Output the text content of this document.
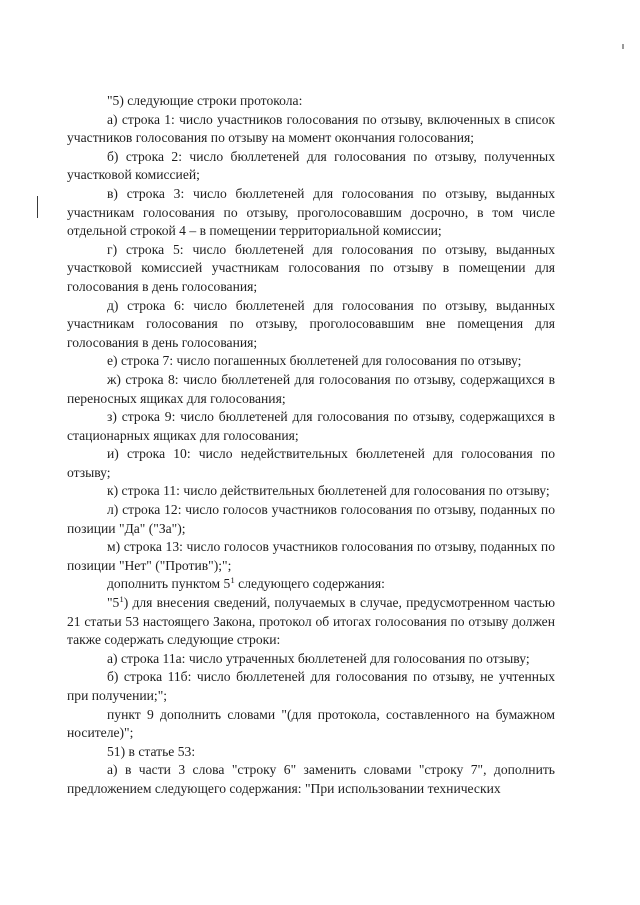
"5) следующие строки протокола:

а) строка 1: число участников голосования по отзыву, включенных в список участников голосования по отзыву на момент окончания голосования;

б) строка 2: число бюллетеней для голосования по отзыву, полученных участковой комиссией;

в) строка 3: число бюллетеней для голосования по отзыву, выданных участникам голосования по отзыву, проголосовавшим досрочно, в том числе отдельной строкой 4 – в помещении территориальной комиссии;

г) строка 5: число бюллетеней для голосования по отзыву, выданных участковой комиссией участникам голосования по отзыву в помещении для голосования в день голосования;

д) строка 6: число бюллетеней для голосования по отзыву, выданных участникам голосования по отзыву, проголосовавшим вне помещения для голосования в день голосования;

е) строка 7: число погашенных бюллетеней для голосования по отзыву;

ж) строка 8: число бюллетеней для голосования по отзыву, содержащихся в переносных ящиках для голосования;

з) строка 9: число бюллетеней для голосования по отзыву, содержащихся в стационарных ящиках для голосования;

и) строка 10: число недействительных бюллетеней для голосования по отзыву;

к) строка 11: число действительных бюллетеней для голосования по отзыву;

л) строка 12: число голосов участников голосования по отзыву, поданных по позиции "Да" ("За");

м) строка 13: число голосов участников голосования по отзыву, поданных по позиции "Нет" ("Против");";

дополнить пунктом $5^1$ следующего содержания:

"$5^1$) для внесения сведений, получаемых в случае, предусмотренном частью 21 статьи 53 настоящего Закона, протокол об итогах голосования по отзыву должен также содержать следующие строки:

а) строка 11а: число утраченных бюллетеней для голосования по отзыву;

б) строка 11б: число бюллетеней для голосования по отзыву, не учтенных при получении;";

пункт 9 дополнить словами "(для протокола, составленного на бумажном носителе)";

51) в статье 53:

а) в части 3 слова "строку 6" заменить словами "строку 7", дополнить предложением следующего содержания: "При использовании технических
